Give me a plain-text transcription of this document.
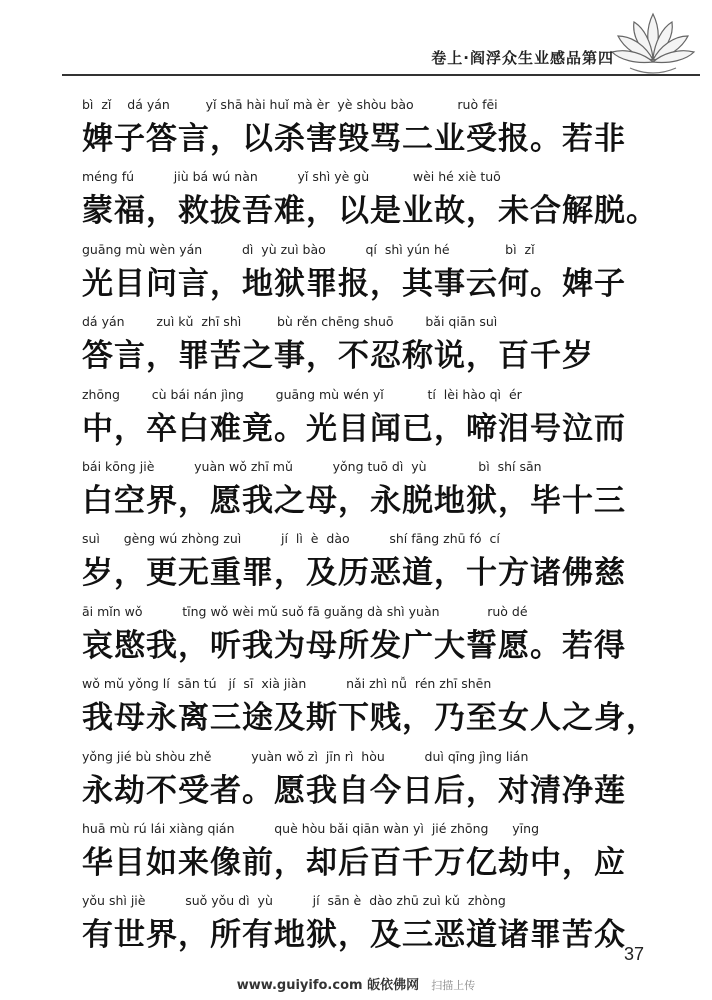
卷上·阎浮众生业感品第四
bì  zǐ    dá yán         yǐ shā hài huǐ mà èr  yè shòu bào           ruò fēi
婢子答言，以杀害毁骂二业受报。若非
méng fú          jiù bá wú nàn          yǐ shì yè gù           wèi hé xiè tuō
蒙福，救拔吾难，以是业故，未合解脱。
guāng mù wèn yán          dì  yù zuì bào          qí  shì yún hé              bì  zǐ
光目问言，地狱罪报，其事云何。婢子
dá yán        zuì kǔ  zhī shì         bù rěn chēng shuō        bǎi qiān suì
答言，罪苦之事，不忍称说，百千岁
zhōng        cù bái nán jìng        guāng mù wén yǐ           tí  lèi hào qì  ér
中，卒白难竟。光目闻已，啼泪号泣而
bái kōng jiè          yuàn wǒ zhī mǔ          yǒng tuō dì  yù             bì  shí sān
白空界，愿我之母，永脱地狱，毕十三
suì      gèng wú zhòng zuì          jí  lì  è  dào          shí fāng zhū fó  cí
岁，更无重罪，及历恶道，十方诸佛慈
āi mǐn wǒ          tīng wǒ wèi mǔ suǒ fā guǎng dà shì yuàn            ruò dé
哀愍我，听我为母所发广大誓愿。若得
wǒ mǔ yǒng lí  sān tú   jí  sī  xià jiàn          nǎi zhì nǚ  rén zhī shēn
我母永离三途及斯下贱，乃至女人之身，
yǒng jié bù shòu zhě          yuàn wǒ zì  jīn rì  hòu          duì qīng jìng lián
永劫不受者。愿我自今日后，对清净莲
huā mù rú lái xiàng qián          què hòu bǎi qiān wàn yì  jié zhōng      yīng
华目如来像前，却后百千万亿劫中，应
yǒu shì jiè          suǒ yǒu dì  yù          jí  sān è  dào zhū zuì kǔ  zhòng
有世界，所有地狱，及三恶道诸罪苦众
37
www.guiyifo.com 皈依佛网 扫描上传
